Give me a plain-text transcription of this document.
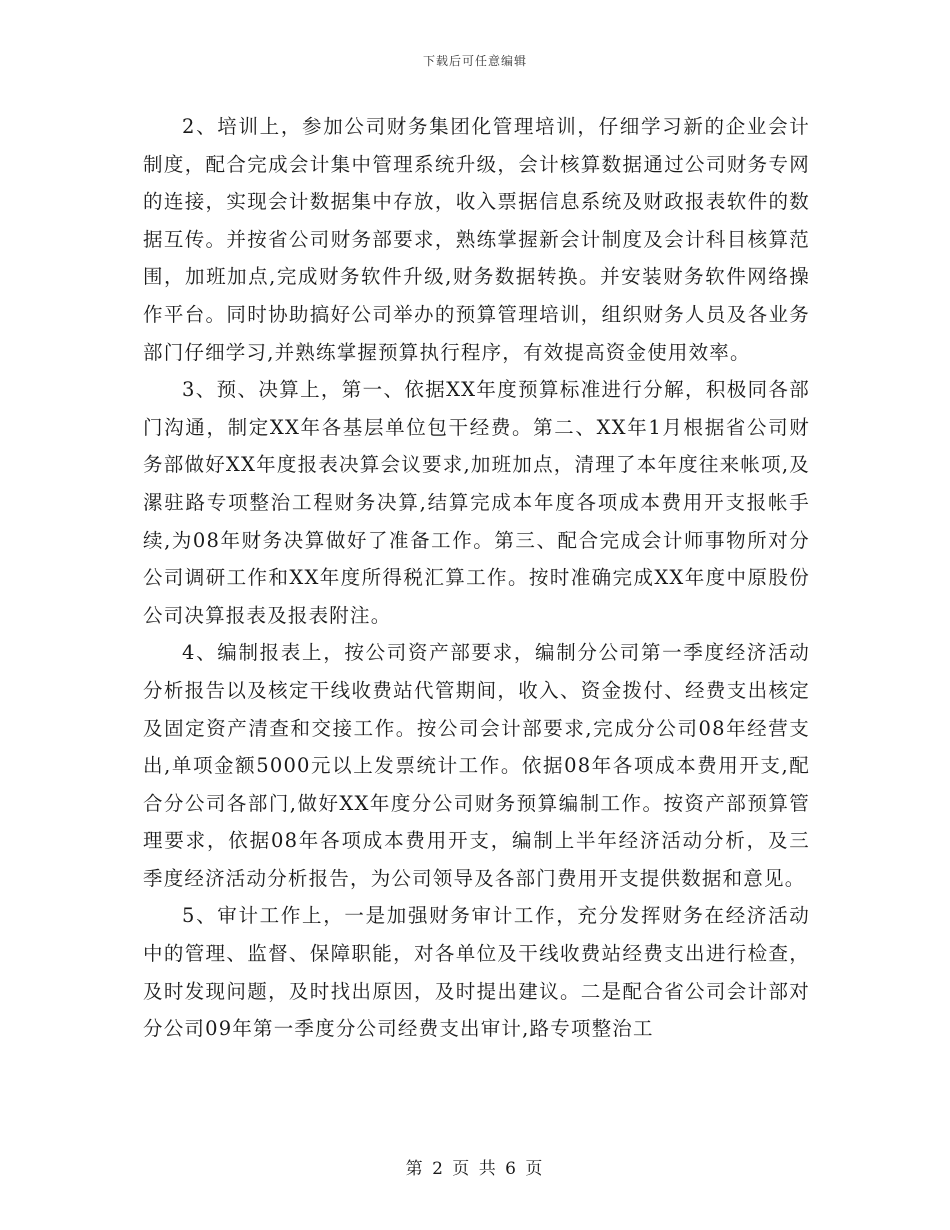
下载后可任意编辑

2、培训上，参加公司财务集团化管理培训，仔细学习新的企业会计制度，配合完成会计集中管理系统升级，会计核算数据通过公司财务专网的连接，实现会计数据集中存放，收入票据信息系统及财政报表软件的数据互传。并按省公司财务部要求，熟练掌握新会计制度及会计科目核算范围，加班加点,完成财务软件升级,财务数据转换。并安装财务软件网络操作平台。同时协助搞好公司举办的预算管理培训，组织财务人员及各业务部门仔细学习,并熟练掌握预算执行程序，有效提高资金使用效率。

3、预、决算上，第一、依据XX年度预算标准进行分解，积极同各部门沟通，制定XX年各基层单位包干经费。第二、XX年1月根据省公司财务部做好XX年度报表决算会议要求,加班加点，清理了本年度往来帐项,及漯驻路专项整治工程财务决算,结算完成本年度各项成本费用开支报帐手续,为08年财务决算做好了准备工作。第三、配合完成会计师事物所对分公司调研工作和XX年度所得税汇算工作。按时准确完成XX年度中原股份公司决算报表及报表附注。

4、编制报表上，按公司资产部要求，编制分公司第一季度经济活动分析报告以及核定干线收费站代管期间，收入、资金拨付、经费支出核定及固定资产清查和交接工作。按公司会计部要求,完成分公司08年经营支出,单项金额5000元以上发票统计工作。依据08年各项成本费用开支,配合分公司各部门,做好XX年度分公司财务预算编制工作。按资产部预算管理要求，依据08年各项成本费用开支，编制上半年经济活动分析，及三季度经济活动分析报告，为公司领导及各部门费用开支提供数据和意见。

5、审计工作上，一是加强财务审计工作，充分发挥财务在经济活动中的管理、监督、保障职能，对各单位及干线收费站经费支出进行检查，及时发现问题，及时找出原因，及时提出建议。二是配合省公司会计部对分公司09年第一季度分公司经费支出审计,路专项整治工

第 2 页 共 6 页
